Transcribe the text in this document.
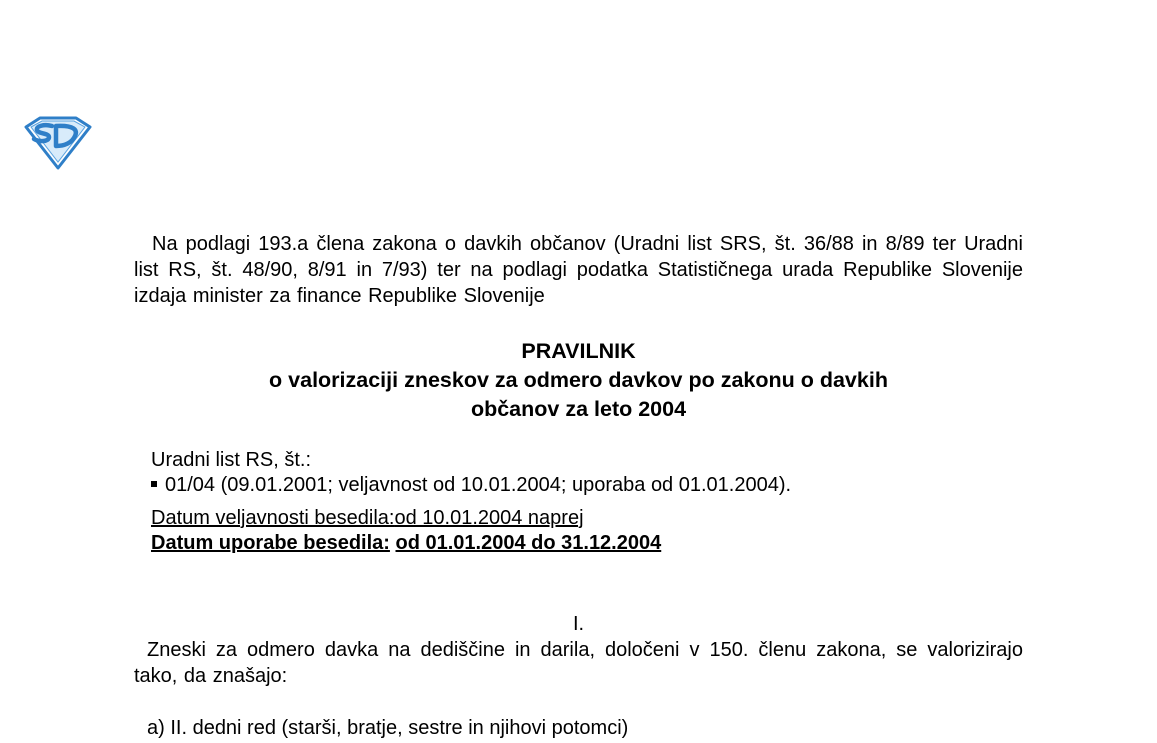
Na podlagi 193.a člena zakona o davkih občanov (Uradni list SRS, št. 36/88 in 8/89 ter Uradni list RS, št. 48/90, 8/91 in 7/93) ter na podlagi podatka Statističnega urada Republike Slovenije izdaja minister za finance Republike Slovenije

PRAVILNIK
o valorizaciji zneskov za odmero davkov po zakonu o davkih
občanov za leto 2004
Uradni list RS, št.:
01/04 (09.01.2001; veljavnost od 10.01.2004; uporaba od 01.01.2004).
Datum veljavnosti besedila:od 10.01.2004 naprej
Datum uporabe besedila: od 01.01.2004 do 31.12.2004
I.

Zneski za odmero davka na dediščine in darila, določeni v 150. členu zakona, se valorizirajo tako, da znašajo:

a) II. dedni red (starši, bratje, sestre in njihovi potomci)
